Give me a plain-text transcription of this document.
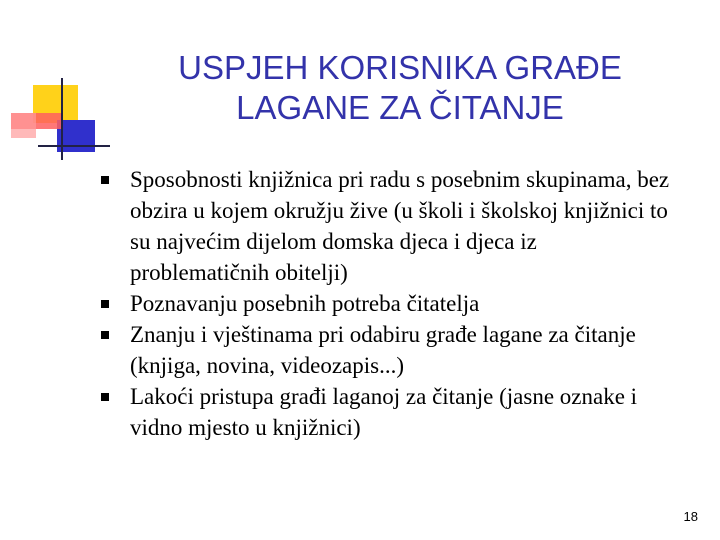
USPJEH KORISNIKA GRAĐE
LAGANE ZA ČITANJE
Sposobnosti knjižnica pri radu s posebnim skupinama, bez obzira u kojem okružju žive (u školi i školskoj knjižnici to su najvećim dijelom domska djeca i djeca iz problematičnih obitelji)
Poznavanju posebnih potreba čitatelja
Znanju i vještinama pri odabiru građe lagane za čitanje (knjiga, novina, videozapis...)
Lakoći pristupa građi laganoj za čitanje (jasne oznake i vidno mjesto u knjižnici)
18
